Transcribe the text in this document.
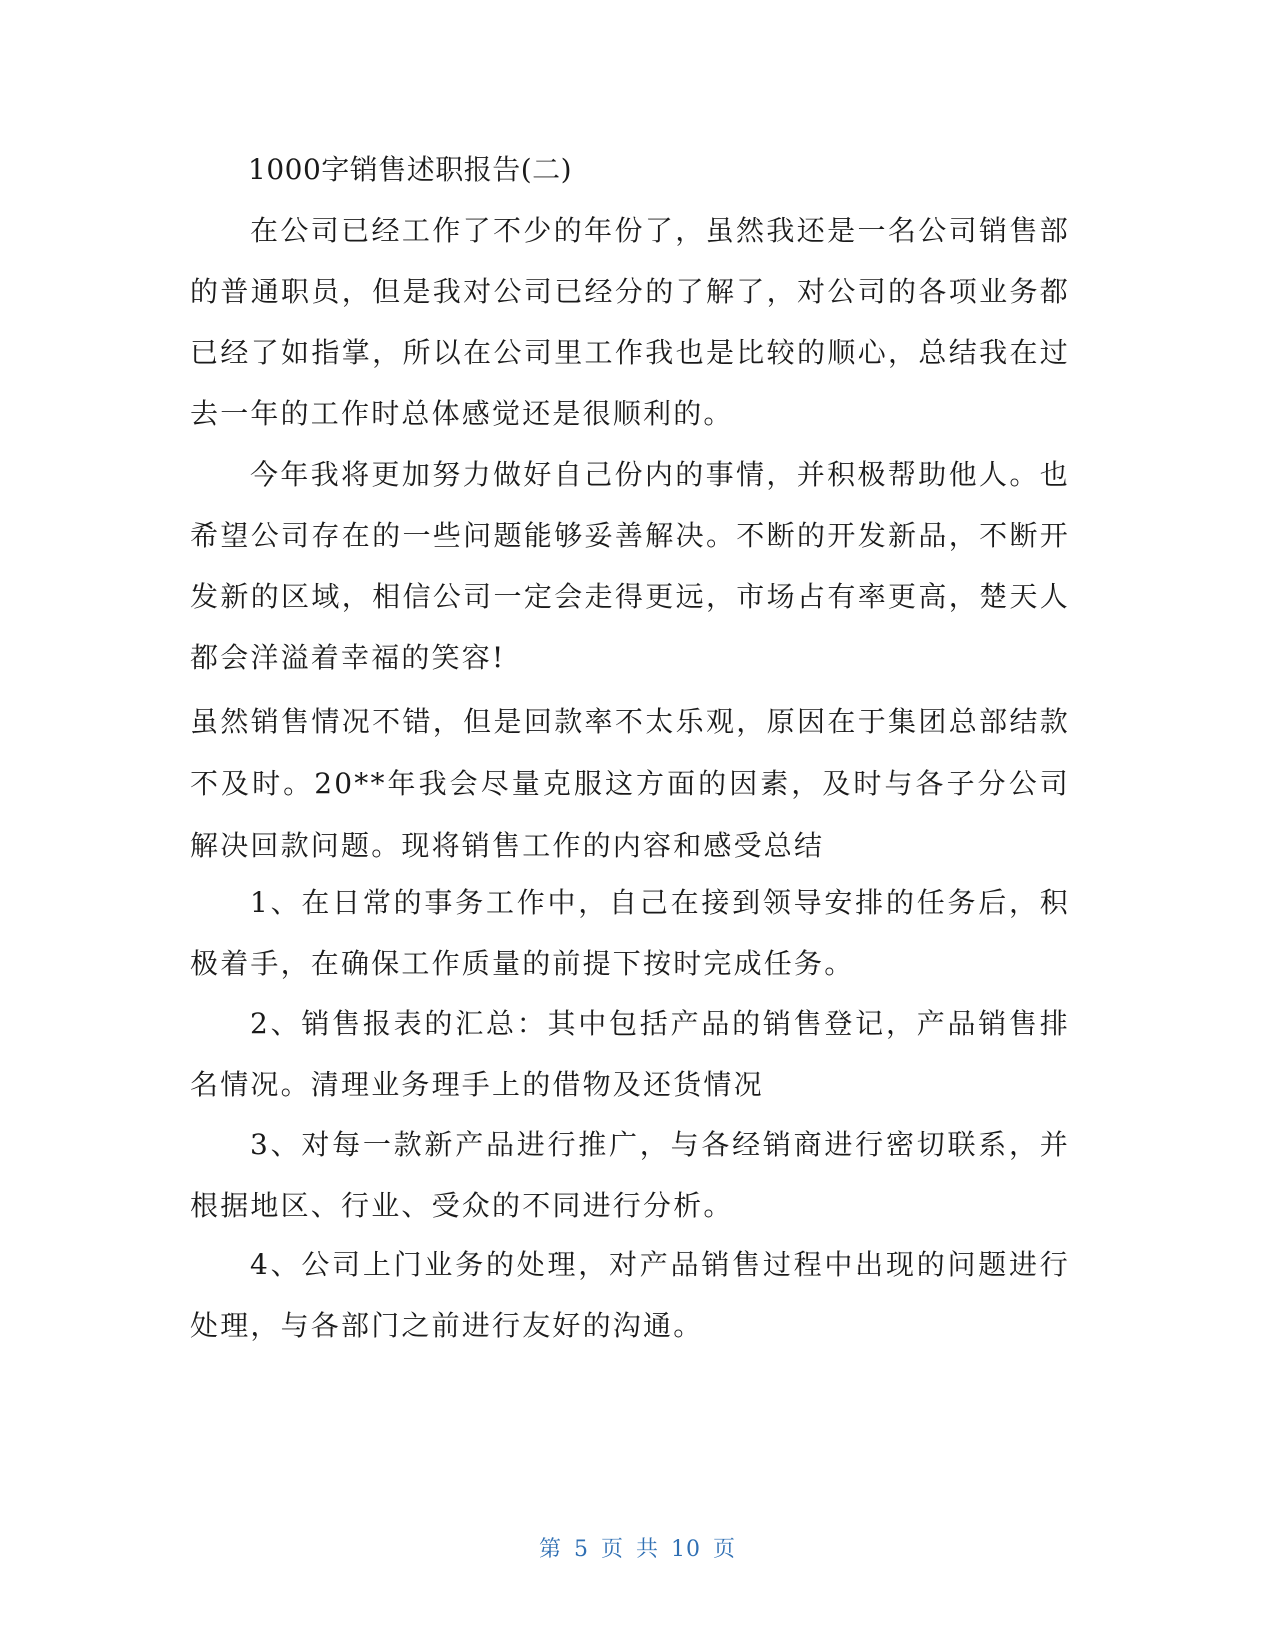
1000字销售述职报告(二)

在公司已经工作了不少的年份了，虽然我还是一名公司销售部的普通职员，但是我对公司已经分的了解了，对公司的各项业务都已经了如指掌，所以在公司里工作我也是比较的顺心，总结我在过去一年的工作时总体感觉还是很顺利的。

今年我将更加努力做好自己份内的事情，并积极帮助他人。也希望公司存在的一些问题能够妥善解决。不断的开发新品，不断开发新的区域，相信公司一定会走得更远，市场占有率更高，楚天人都会洋溢着幸福的笑容!

虽然销售情况不错，但是回款率不太乐观，原因在于集团总部结款不及时。20**年我会尽量克服这方面的因素，及时与各子分公司解决回款问题。现将销售工作的内容和感受总结

1、在日常的事务工作中，自己在接到领导安排的任务后，积极着手，在确保工作质量的前提下按时完成任务。

2、销售报表的汇总：其中包括产品的销售登记，产品销售排名情况。清理业务理手上的借物及还货情况

3、对每一款新产品进行推广，与各经销商进行密切联系，并根据地区、行业、受众的不同进行分析。

4、公司上门业务的处理，对产品销售过程中出现的问题进行处理，与各部门之前进行友好的沟通。

第 5 页 共 10 页
